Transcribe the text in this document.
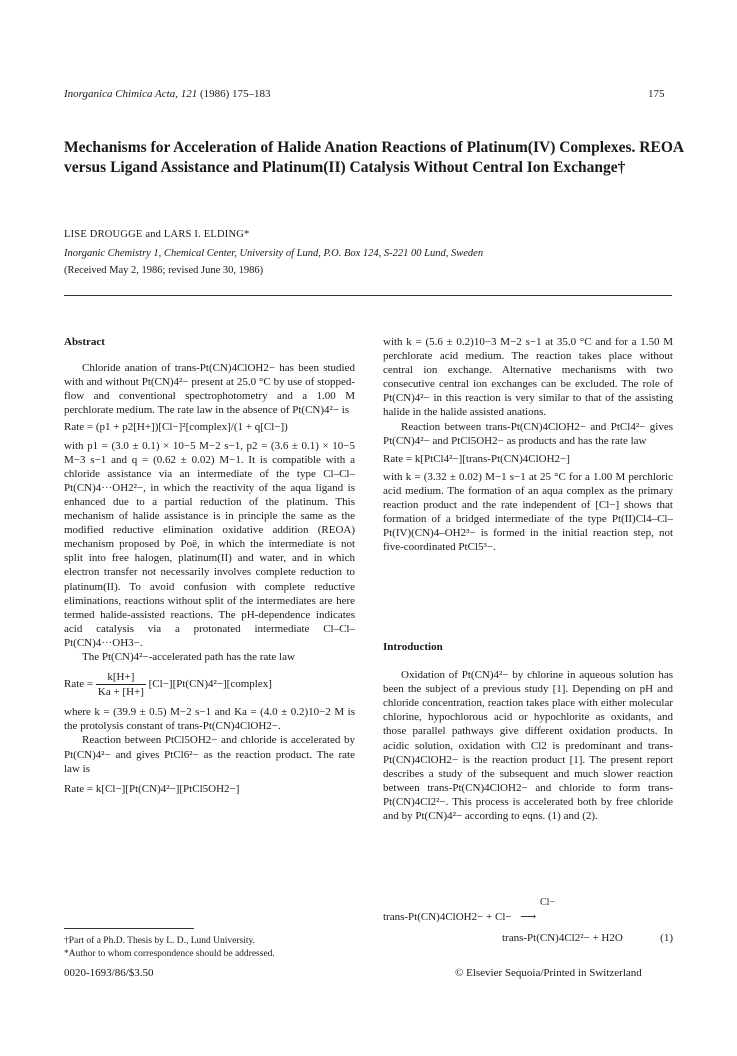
Inorganica Chimica Acta, 121 (1986) 175–183	175
Mechanisms for Acceleration of Halide Anation Reactions of Platinum(IV) Complexes. REOA versus Ligand Assistance and Platinum(II) Catalysis Without Central Ion Exchange†
LISE DROUGGE and LARS I. ELDING*
Inorganic Chemistry 1, Chemical Center, University of Lund, P.O. Box 124, S-221 00 Lund, Sweden
(Received May 2, 1986; revised June 30, 1986)

Abstract

Chloride anation of trans-Pt(CN)4ClOH2− has been studied with and without Pt(CN)4²− present at 25.0 °C by use of stopped-flow and conventional spectrophotometry and a 1.00 M perchlorate medium. The rate law in the absence of Pt(CN)4²− is

Rate = (p1 + p2[H+])[Cl−]²[complex]/(1 + q[Cl−])

with p1 = (3.0 ± 0.1) × 10−5 M−2 s−1, p2 = (3.6 ± 0.1) × 10−5 M−3 s−1 and q = (0.62 ± 0.02) M−1. It is compatible with a chloride assistance via an intermediate of the type Cl–Cl–Pt(CN)4···OH2²−, in which the reactivity of the aqua ligand is enhanced due to a partial reduction of the platinum. This mechanism of halide assistance is in principle the same as the modified reductive elimination oxidative addition (REOA) mechanism proposed by Poë, in which the intermediate is not split into free halogen, platinum(II) and water, and in which electron transfer not necessarily involves complete reduction to platinum(II). To avoid confusion with complete reductive eliminations, reactions without split of the intermediates are here termed halide-assisted reactions. The pH-dependence indicates acid catalysis via a protonated intermediate Cl–Cl–Pt(CN)4···OH3−.

The Pt(CN)4²−-accelerated path has the rate law

Rate = $\frac{k[H+]}{Ka + [H+]}$ [Cl−][Pt(CN)4²−][complex]

where k = (39.9 ± 0.5) M−2 s−1 and Ka = (4.0 ± 0.2)10−2 M is the protolysis constant of trans-Pt(CN)4ClOH2−.

Reaction between PtCl5OH2− and chloride is accelerated by Pt(CN)4²− and gives PtCl6²− as the reaction product. The rate law is

Rate = k[Cl−][Pt(CN)4²−][PtCl5OH2−]

with k = (5.6 ± 0.2)10−3 M−2 s−1 at 35.0 °C and for a 1.50 M perchlorate acid medium. The reaction takes place without central ion exchange. Alternative mechanisms with two consecutive central ion exchanges can be excluded. The role of Pt(CN)4²− in this reaction is very similar to that of the assisting halide in the halide assisted anations.

Reaction between trans-Pt(CN)4ClOH2− and PtCl4²− gives Pt(CN)4²− and PtCl5OH2− as products and has the rate law

Rate = k[PtCl4²−][trans-Pt(CN)4ClOH2−]

with k = (3.32 ± 0.02) M−1 s−1 at 25 °C for a 1.00 M perchloric acid medium. The formation of an aqua complex as the primary reaction product and the rate independent of [Cl−] shows that formation of a bridged intermediate of the type Pt(II)Cl4–Cl–Pt(IV)(CN)4–OH2³− is formed in the initial reaction step, not five-coordinated PtCl5³−.

Introduction

Oxidation of Pt(CN)4²− by chlorine in aqueous solution has been the subject of a previous study [1]. Depending on pH and chloride concentration, reaction takes place with either molecular chlorine, hypochlorous acid or hypochlorite as oxidants, and those parallel pathways give different oxidation products. In acidic solution, oxidation with Cl2 is predominant and trans-Pt(CN)4ClOH2− is the reaction product [1]. The present report describes a study of the subsequent and much slower reaction between trans-Pt(CN)4ClOH2− and chloride to form trans-Pt(CN)4Cl2²−. This process is accelerated both by free chloride and by Pt(CN)4²− according to eqns. (1) and (2).

Cl−
trans-Pt(CN)4ClOH2− + Cl− ⟶
trans-Pt(CN)4Cl2²− + H2O	(1)
†Part of a Ph.D. Thesis by L. D., Lund University.
*Author to whom correspondence should be addressed.
0020-1693/86/$3.50	© Elsevier Sequoia/Printed in Switzerland
